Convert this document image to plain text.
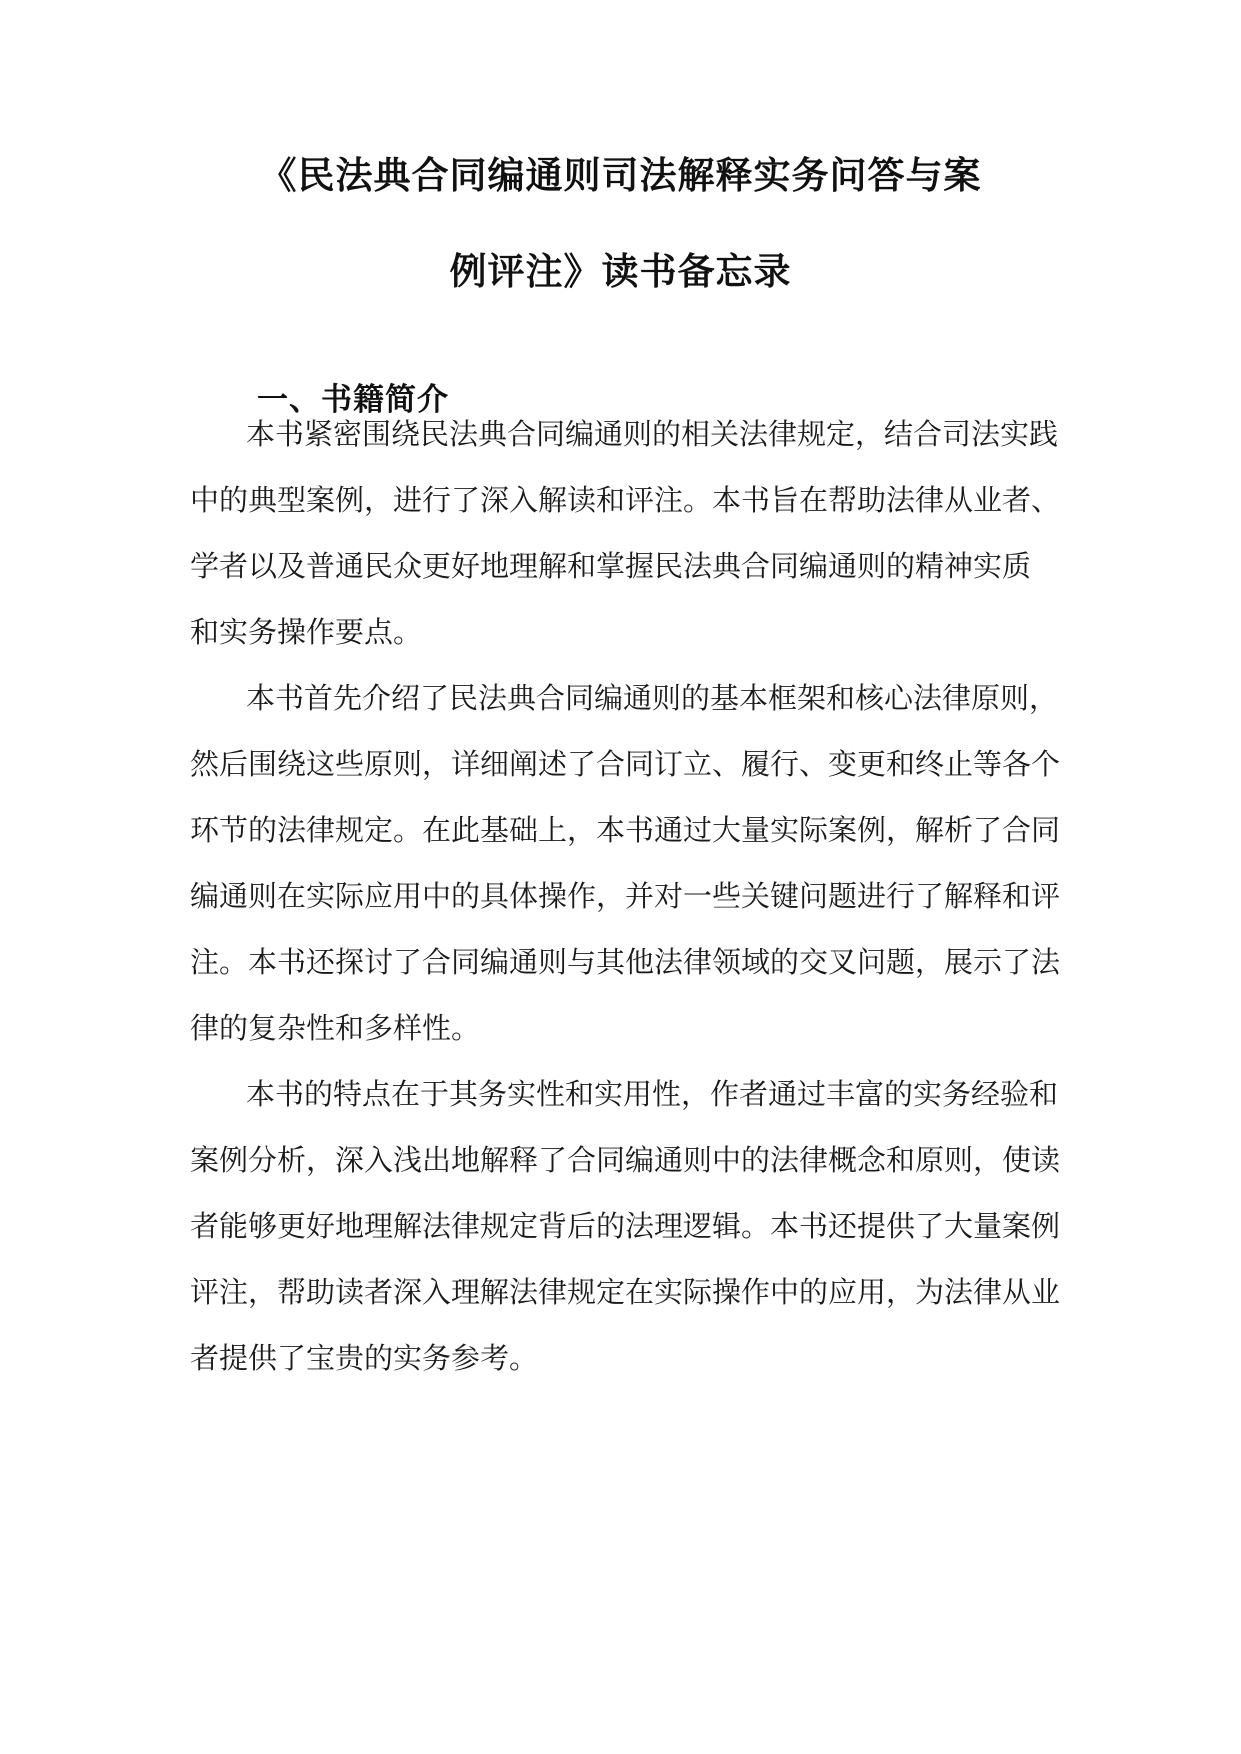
《民法典合同编通则司法解释实务问答与案
例评注》读书备忘录
一、书籍简介
本书紧密围绕民法典合同编通则的相关法律规定，结合司法实践
中的典型案例，进行了深入解读和评注。本书旨在帮助法律从业者、
学者以及普通民众更好地理解和掌握民法典合同编通则的精神实质
和实务操作要点。
本书首先介绍了民法典合同编通则的基本框架和核心法律原则，
然后围绕这些原则，详细阐述了合同订立、履行、变更和终止等各个
环节的法律规定。在此基础上，本书通过大量实际案例，解析了合同
编通则在实际应用中的具体操作，并对一些关键问题进行了解释和评
注。本书还探讨了合同编通则与其他法律领域的交叉问题，展示了法
律的复杂性和多样性。
本书的特点在于其务实性和实用性，作者通过丰富的实务经验和
案例分析，深入浅出地解释了合同编通则中的法律概念和原则，使读
者能够更好地理解法律规定背后的法理逻辑。本书还提供了大量案例
评注，帮助读者深入理解法律规定在实际操作中的应用，为法律从业
者提供了宝贵的实务参考。
